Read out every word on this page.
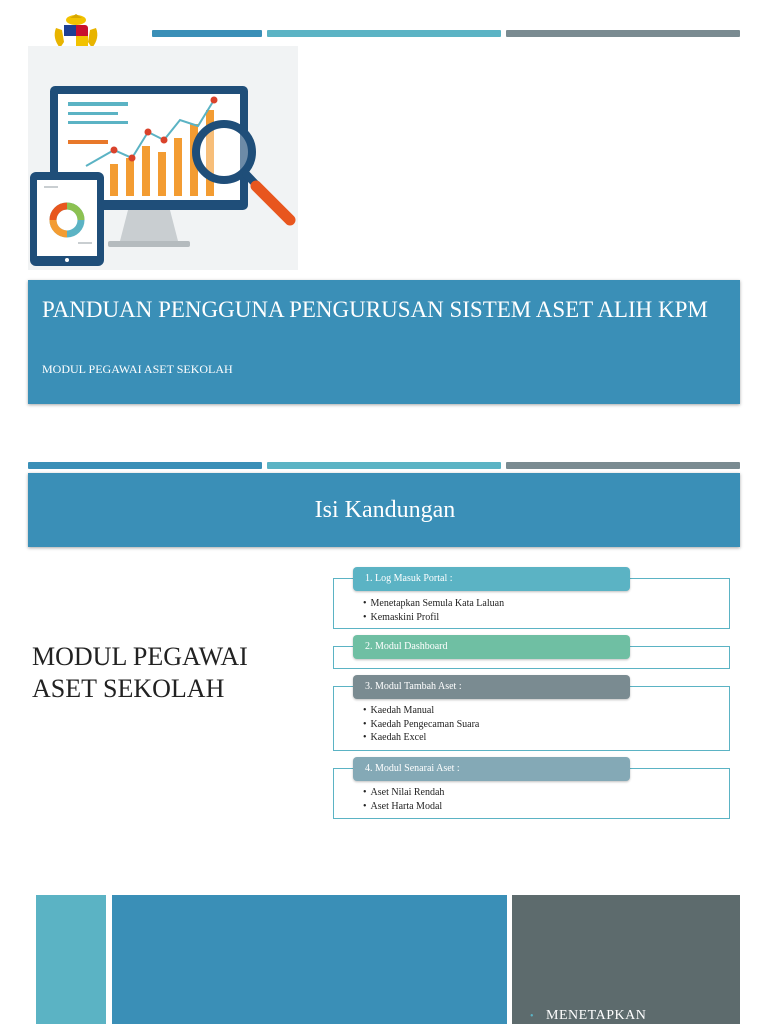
PANDUAN PENGGUNA PENGURUSAN SISTEM ASET ALIH KPM
MODUL PEGAWAI ASET SEKOLAH
Isi Kandungan
MODUL PEGAWAI ASET SEKOLAH
1. Log Masuk Portal :
• Menetapkan Semula Kata Laluan
• Kemaskini Profil
2. Modul Dashboard
3. Modul Tambah Aset :
• Kaedah Manual
• Kaedah Pengecaman Suara
• Kaedah Excel
4. Modul Senarai Aset :
• Aset Nilai Rendah
• Aset Harta Modal
• MENETAPKAN
